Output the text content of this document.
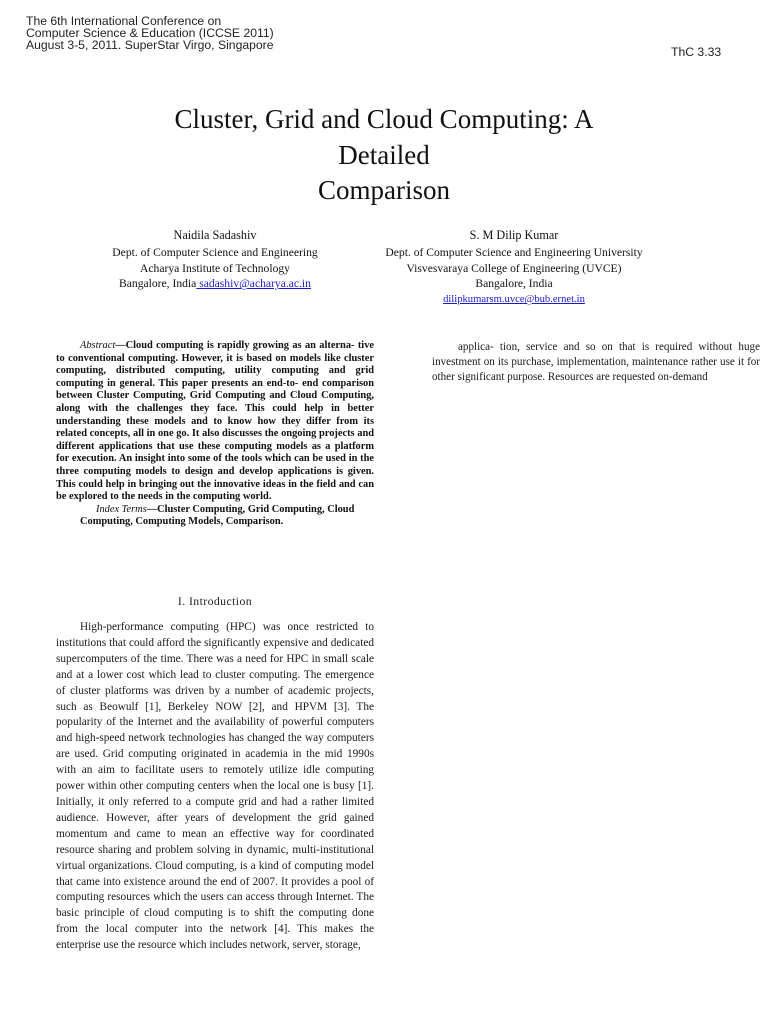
The 6th International Conference on
Computer Science & Education (ICCSE 2011)
August 3-5, 2011. SuperStar Virgo, Singapore	ThC 3.33
Cluster, Grid and Cloud Computing: A
Detailed
Comparison
Naidila Sadashiv
Dept. of Computer Science and Engineering
Acharya Institute of Technology
Bangalore, India sadashiv@acharya.ac.in
S. M Dilip Kumar
Dept. of Computer Science and Engineering University
Visvesvaraya College of Engineering (UVCE)
Bangalore, India
dilipkumarsm.uvce@bub.ernet.in

Abstract—Cloud computing is rapidly growing as an alterna- tive to conventional computing. However, it is based on models like cluster computing, distributed computing, utility computing and grid computing in general. This paper presents an end-to- end comparison between Cluster Computing, Grid Computing and Cloud Computing, along with the challenges they face. This could help in better understanding these models and to know how they differ from its related concepts, all in one go. It also discusses the ongoing projects and different applications that use these computing models as a platform for execution. An insight into some of the tools which can be used in the three computing models to design and develop applications is given. This could help in bringing out the innovative ideas in the field and can be explored to the needs in the computing world.

Index Terms—Cluster Computing, Grid Computing, Cloud

Computing, Computing Models, Comparison.

I. Introduction

High-performance computing (HPC) was once restricted to institutions that could afford the significantly expensive and dedicated supercomputers of the time. There was a need for HPC in small scale and at a lower cost which lead to cluster computing. The emergence of cluster platforms was driven by a number of academic projects, such as Beowulf [1], Berkeley NOW [2], and HPVM [3]. The popularity of the Internet and the availability of powerful computers and high-speed network technologies has changed the way computers are used. Grid computing originated in academia in the mid 1990s with an aim to facilitate users to remotely utilize idle computing power within other computing centers when the local one is busy [1]. Initially, it only referred to a compute grid and had a rather limited audience. However, after years of development the grid gained momentum and came to mean an effective way for coordinated resource sharing and problem solving in dynamic, multi-institutional virtual organizations. Cloud computing, is a kind of computing model that came into existence around the end of 2007. It provides a pool of computing resources which the users can access through Internet. The basic principle of cloud computing is to shift the computing done from the local computer into the network [4]. This makes the enterprise use the resource which includes network, server, storage,

applica- tion, service and so on that is required without huge investment on its purchase, implementation, maintenance rather use it for other significant purpose. Resources are requested on-demand
